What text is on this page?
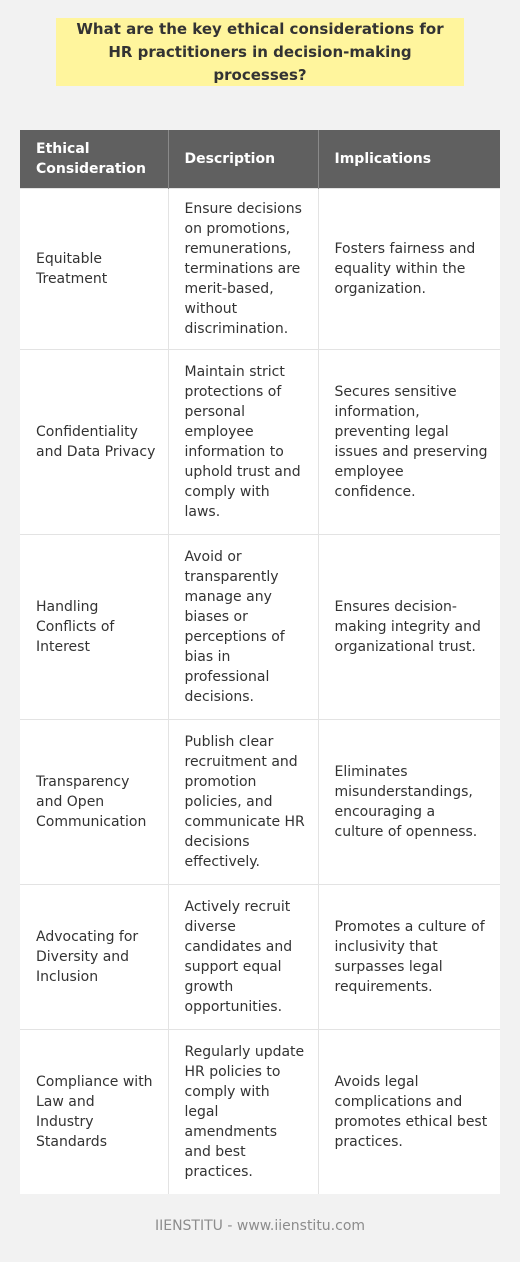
What are the key ethical considerations for HR practitioners in decision-making processes?
Ethical Consideration	Description	Implications
Equitable Treatment	Ensure decisions on promotions, remunerations, terminations are merit-based, without discrimination.	Fosters fairness and equality within the organization.
Confidentiality and Data Privacy	Maintain strict protections of personal employee information to uphold trust and comply with laws.	Secures sensitive information, preventing legal issues and preserving employee confidence.
Handling Conflicts of Interest	Avoid or transparently manage any biases or perceptions of bias in professional decisions.	Ensures decision-making integrity and organizational trust.
Transparency and Open Communication	Publish clear recruitment and promotion policies, and communicate HR decisions effectively.	Eliminates misunderstandings, encouraging a culture of openness.
Advocating for Diversity and Inclusion	Actively recruit diverse candidates and support equal growth opportunities.	Promotes a culture of inclusivity that surpasses legal requirements.
Compliance with Law and Industry Standards	Regularly update HR policies to comply with legal amendments and best practices.	Avoids legal complications and promotes ethical best practices.
IIENSTITU - www.iienstitu.com
